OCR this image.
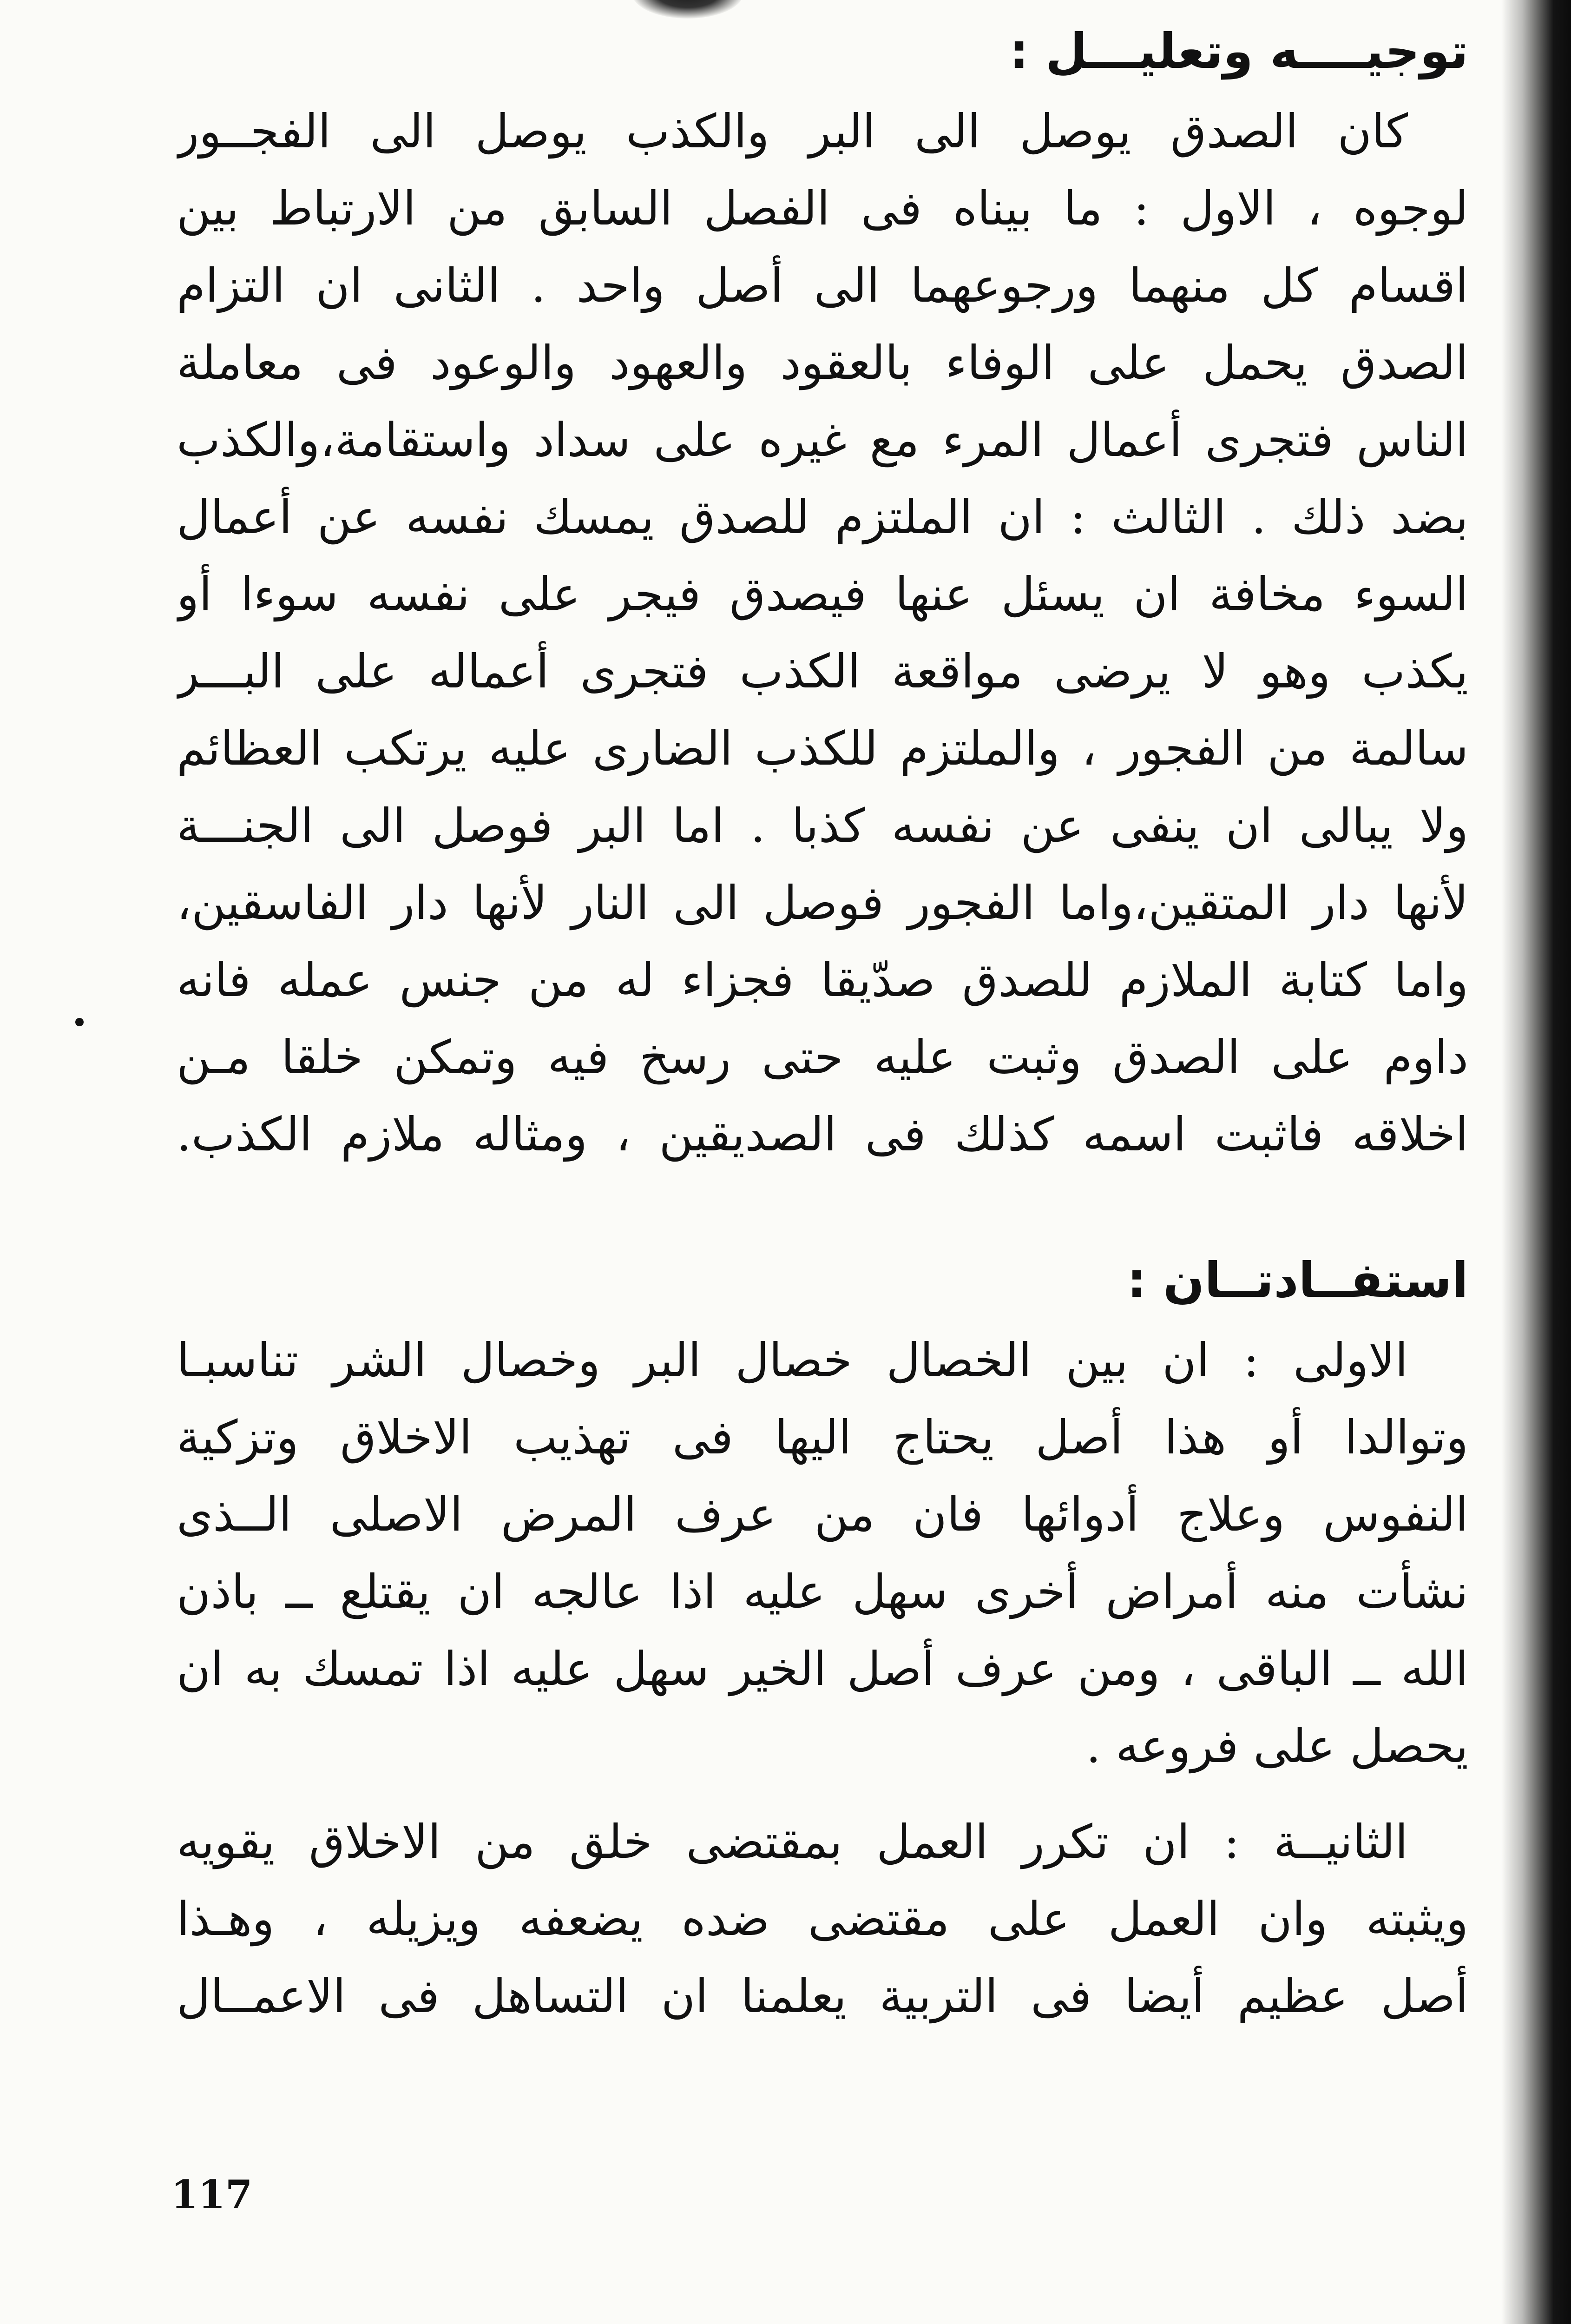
توجيــــه وتعليـــل :
كان الصدق يوصل الى البر والكذب يوصل الى الفجــور
لوجوه ، الاول : ما بيناه فى الفصل السابق من الارتباط بين
اقسام كل منهما ورجوعهما الى أصل واحد . الثانى ان التزام
الصدق يحمل على الوفاء بالعقود والعهود والوعود فى معاملة
الناس فتجرى أعمال المرء مع غيره على سداد واستقامة،والكذب
بضد ذلك . الثالث : ان الملتزم للصدق يمسك نفسه عن أعمال
السوء مخافة ان يسئل عنها فيصدق فيجر على نفسه سوءا أو
يكذب وهو لا يرضى مواقعة الكذب فتجرى أعماله على البـــر
سالمة من الفجور ، والملتزم للكذب الضارى عليه يرتكب العظائم
ولا يبالى ان ينفى عن نفسه كذبا . اما البر فوصل الى الجنـــة
لأنها دار المتقين،واما الفجور فوصل الى النار لأنها دار الفاسقين،
واما كتابة الملازم للصدق صدّيقا فجزاء له من جنس عمله فانه
داوم على الصدق وثبت عليه حتى رسخ فيه وتمكن خلقا مـن
اخلاقه فاثبت اسمه كذلك فى الصديقين ، ومثاله ملازم الكذب.
استفــادتــان :
الاولى : ان بين الخصال خصال البر وخصال الشر تناسبـا
وتوالدا أو هذا أصل يحتاج اليها فى تهذيب الاخلاق وتزكية
النفوس وعلاج أدوائها فان من عرف المرض الاصلى الــذى
نشأت منه أمراض أخرى سهل عليه اذا عالجه ان يقتلع ــ باذن
الله ــ الباقى ، ومن عرف أصل الخير سهل عليه اذا تمسك به ان
يحصل على فروعه .
الثانيــة : ان تكرر العمل بمقتضى خلق من الاخلاق يقويه
ويثبته وان العمل على مقتضى ضده يضعفه ويزيله ، وهـذا
أصل عظيم أيضا فى التربية يعلمنا ان التساهل فى الاعمــال
117
